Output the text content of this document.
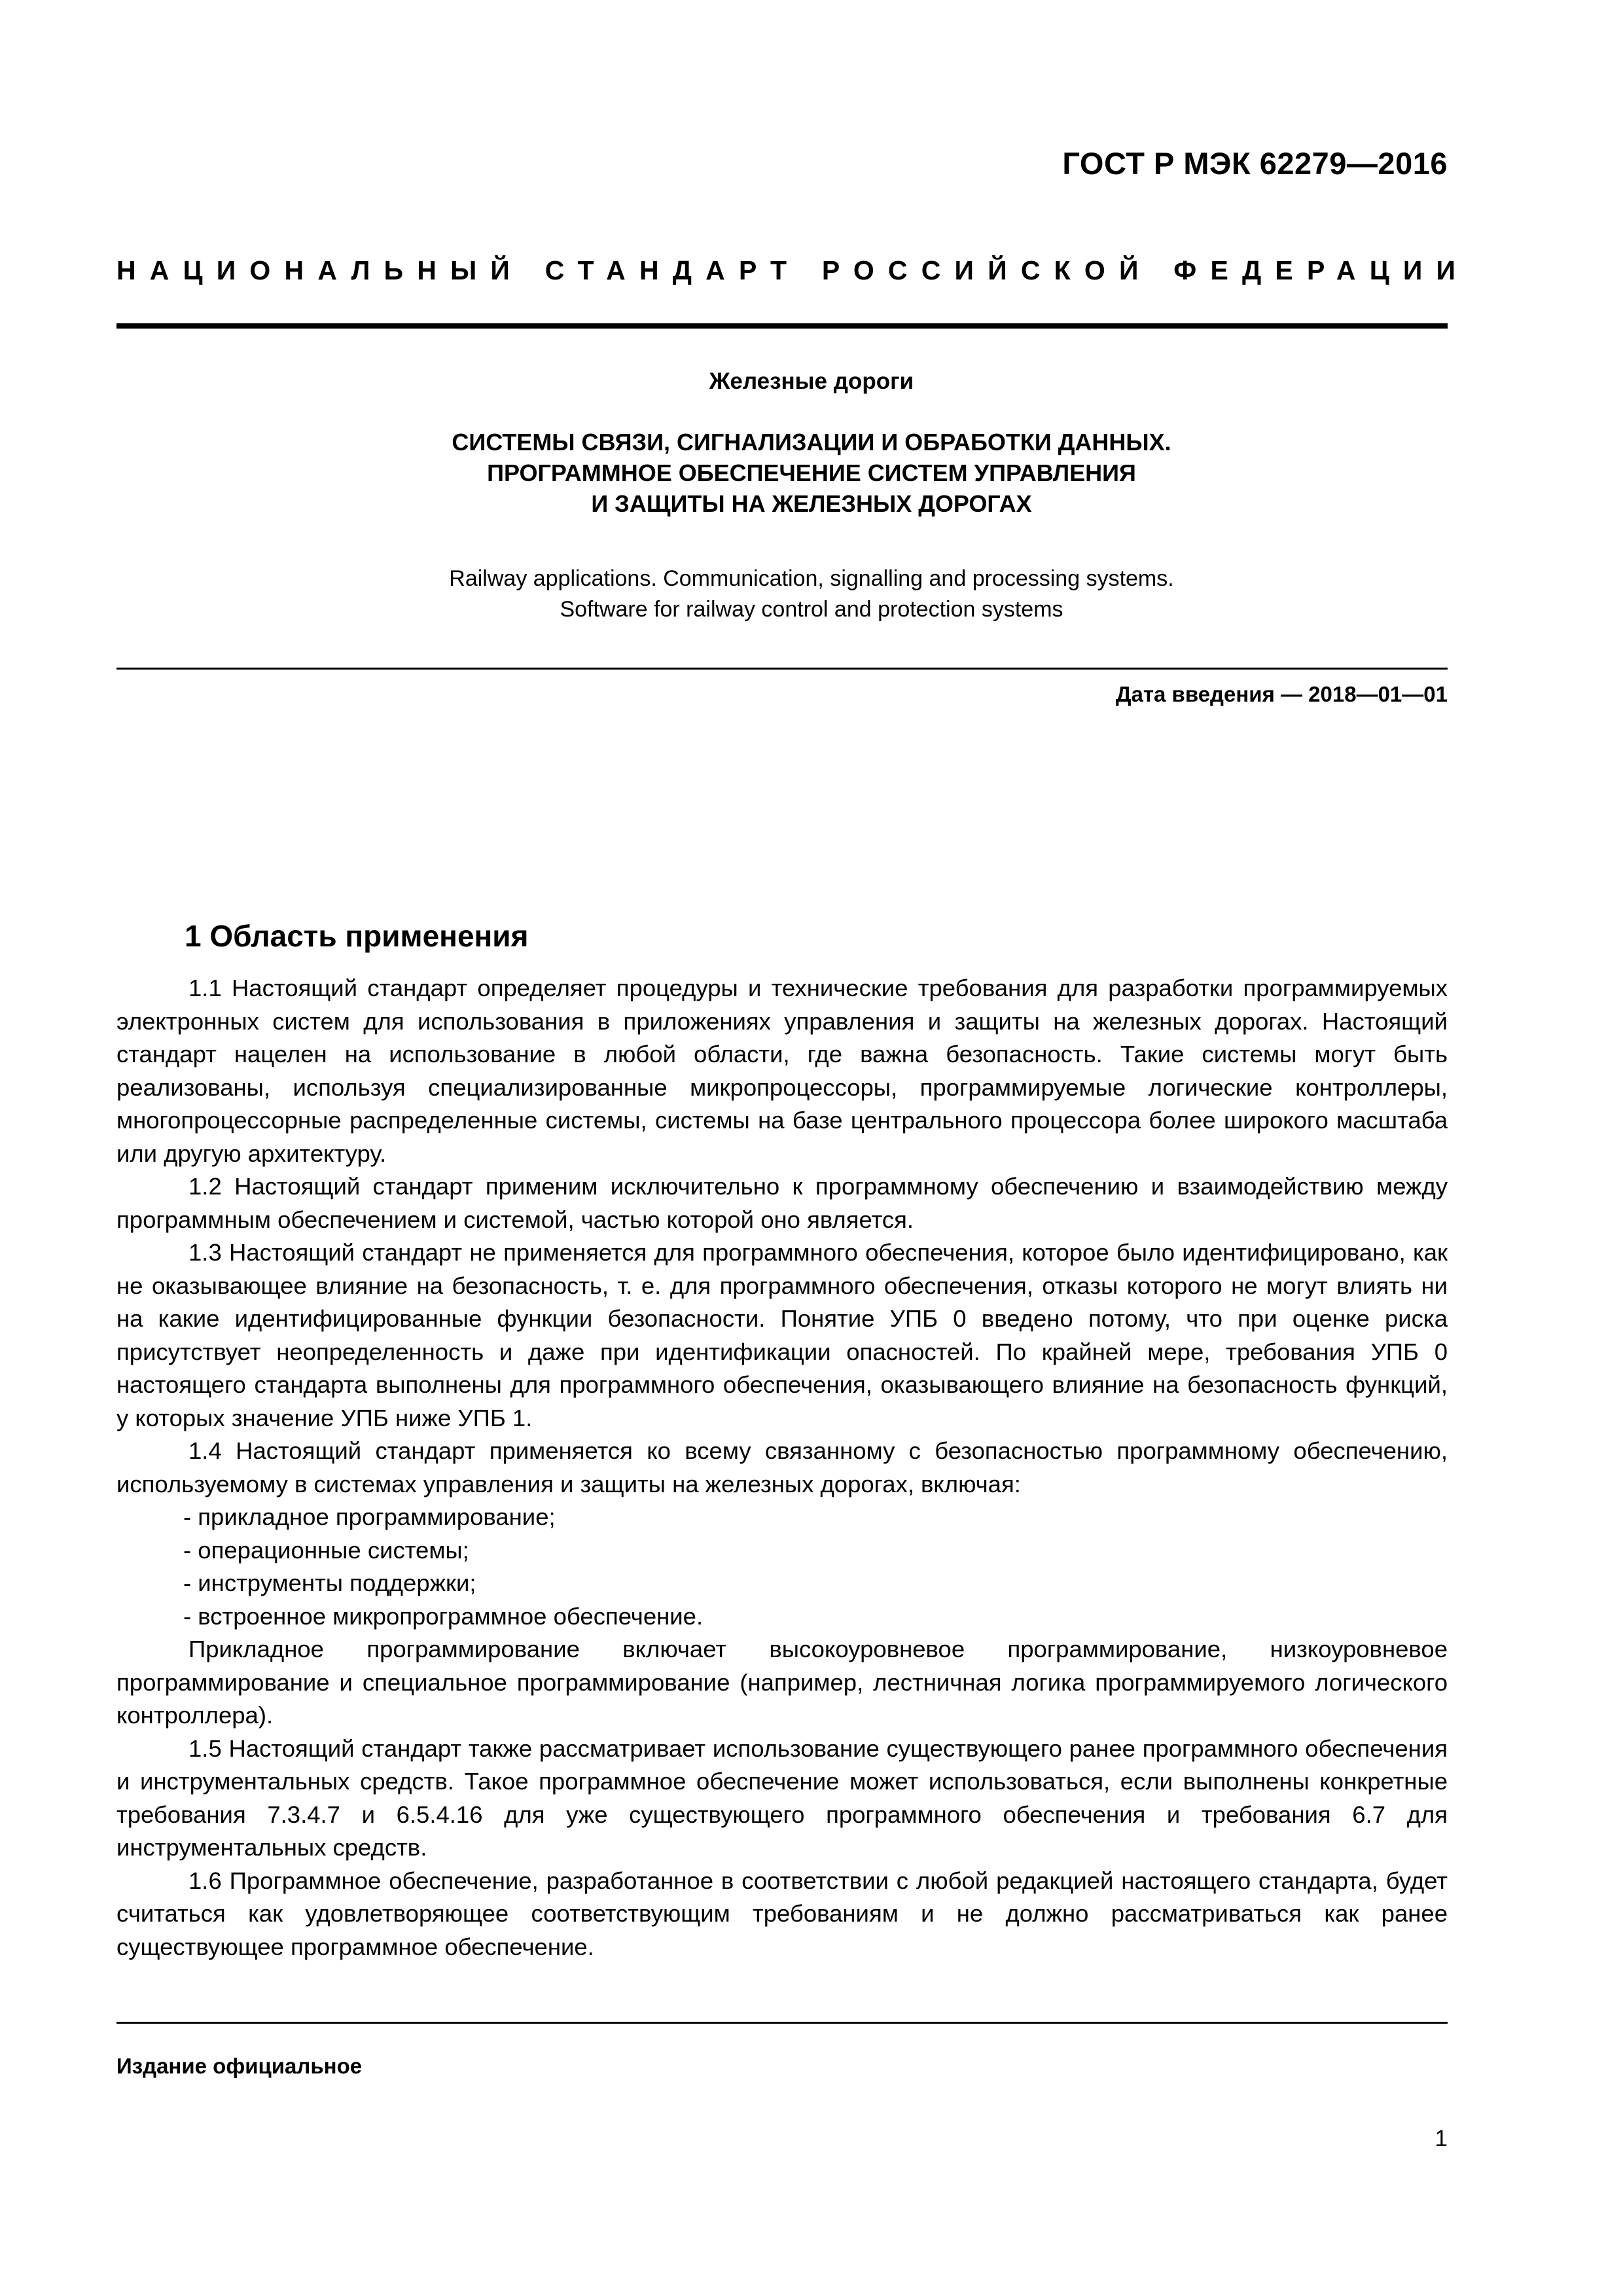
ГОСТ Р МЭК 62279—2016
НАЦИОНАЛЬНЫЙ СТАНДАРТ РОССИЙСКОЙ ФЕДЕРАЦИИ
Железные дороги
СИСТЕМЫ СВЯЗИ, СИГНАЛИЗАЦИИ И ОБРАБОТКИ ДАННЫХ.
ПРОГРАММНОЕ ОБЕСПЕЧЕНИЕ СИСТЕМ УПРАВЛЕНИЯ
И ЗАЩИТЫ НА ЖЕЛЕЗНЫХ ДОРОГАХ
Railway applications. Communication, signalling and processing systems.
Software for railway control and protection systems
Дата введения — 2018—01—01
1 Область применения

1.1 Настоящий стандарт определяет процедуры и технические требования для разработки программируемых электронных систем для использования в приложениях управления и защиты на железных дорогах. Настоящий стандарт нацелен на использование в любой области, где важна безопасность. Такие системы могут быть реализованы, используя специализированные микропроцессоры, программируемые логические контроллеры, многопроцессорные распределенные системы, системы на базе центрального процессора более широкого масштаба или другую архитектуру.

1.2 Настоящий стандарт применим исключительно к программному обеспечению и взаимодействию между программным обеспечением и системой, частью которой оно является.

1.3 Настоящий стандарт не применяется для программного обеспечения, которое было идентифицировано, как не оказывающее влияние на безопасность, т. е. для программного обеспечения, отказы которого не могут влиять ни на какие идентифицированные функции безопасности. Понятие УПБ 0 введено потому, что при оценке риска присутствует неопределенность и даже при идентификации опасностей. По крайней мере, требования УПБ 0 настоящего стандарта выполнены для программного обеспечения, оказывающего влияние на безопасность функций, у которых значение УПБ ниже УПБ 1.

1.4 Настоящий стандарт применяется ко всему связанному с безопасностью программному обеспечению, используемому в системах управления и защиты на железных дорогах, включая:

- прикладное программирование;
- операционные системы;
- инструменты поддержки;
- встроенное микропрограммное обеспечение.

Прикладное программирование включает высокоуровневое программирование, низкоуровневое программирование и специальное программирование (например, лестничная логика программируемого логического контроллера).

1.5 Настоящий стандарт также рассматривает использование существующего ранее программного обеспечения и инструментальных средств. Такое программное обеспечение может использоваться, если выполнены конкретные требования 7.3.4.7 и 6.5.4.16 для уже существующего программного обеспечения и требования 6.7 для инструментальных средств.

1.6 Программное обеспечение, разработанное в соответствии с любой редакцией настоящего стандарта, будет считаться как удовлетворяющее соответствующим требованиям и не должно рассматриваться как ранее существующее программное обеспечение.

Издание официальное
1
